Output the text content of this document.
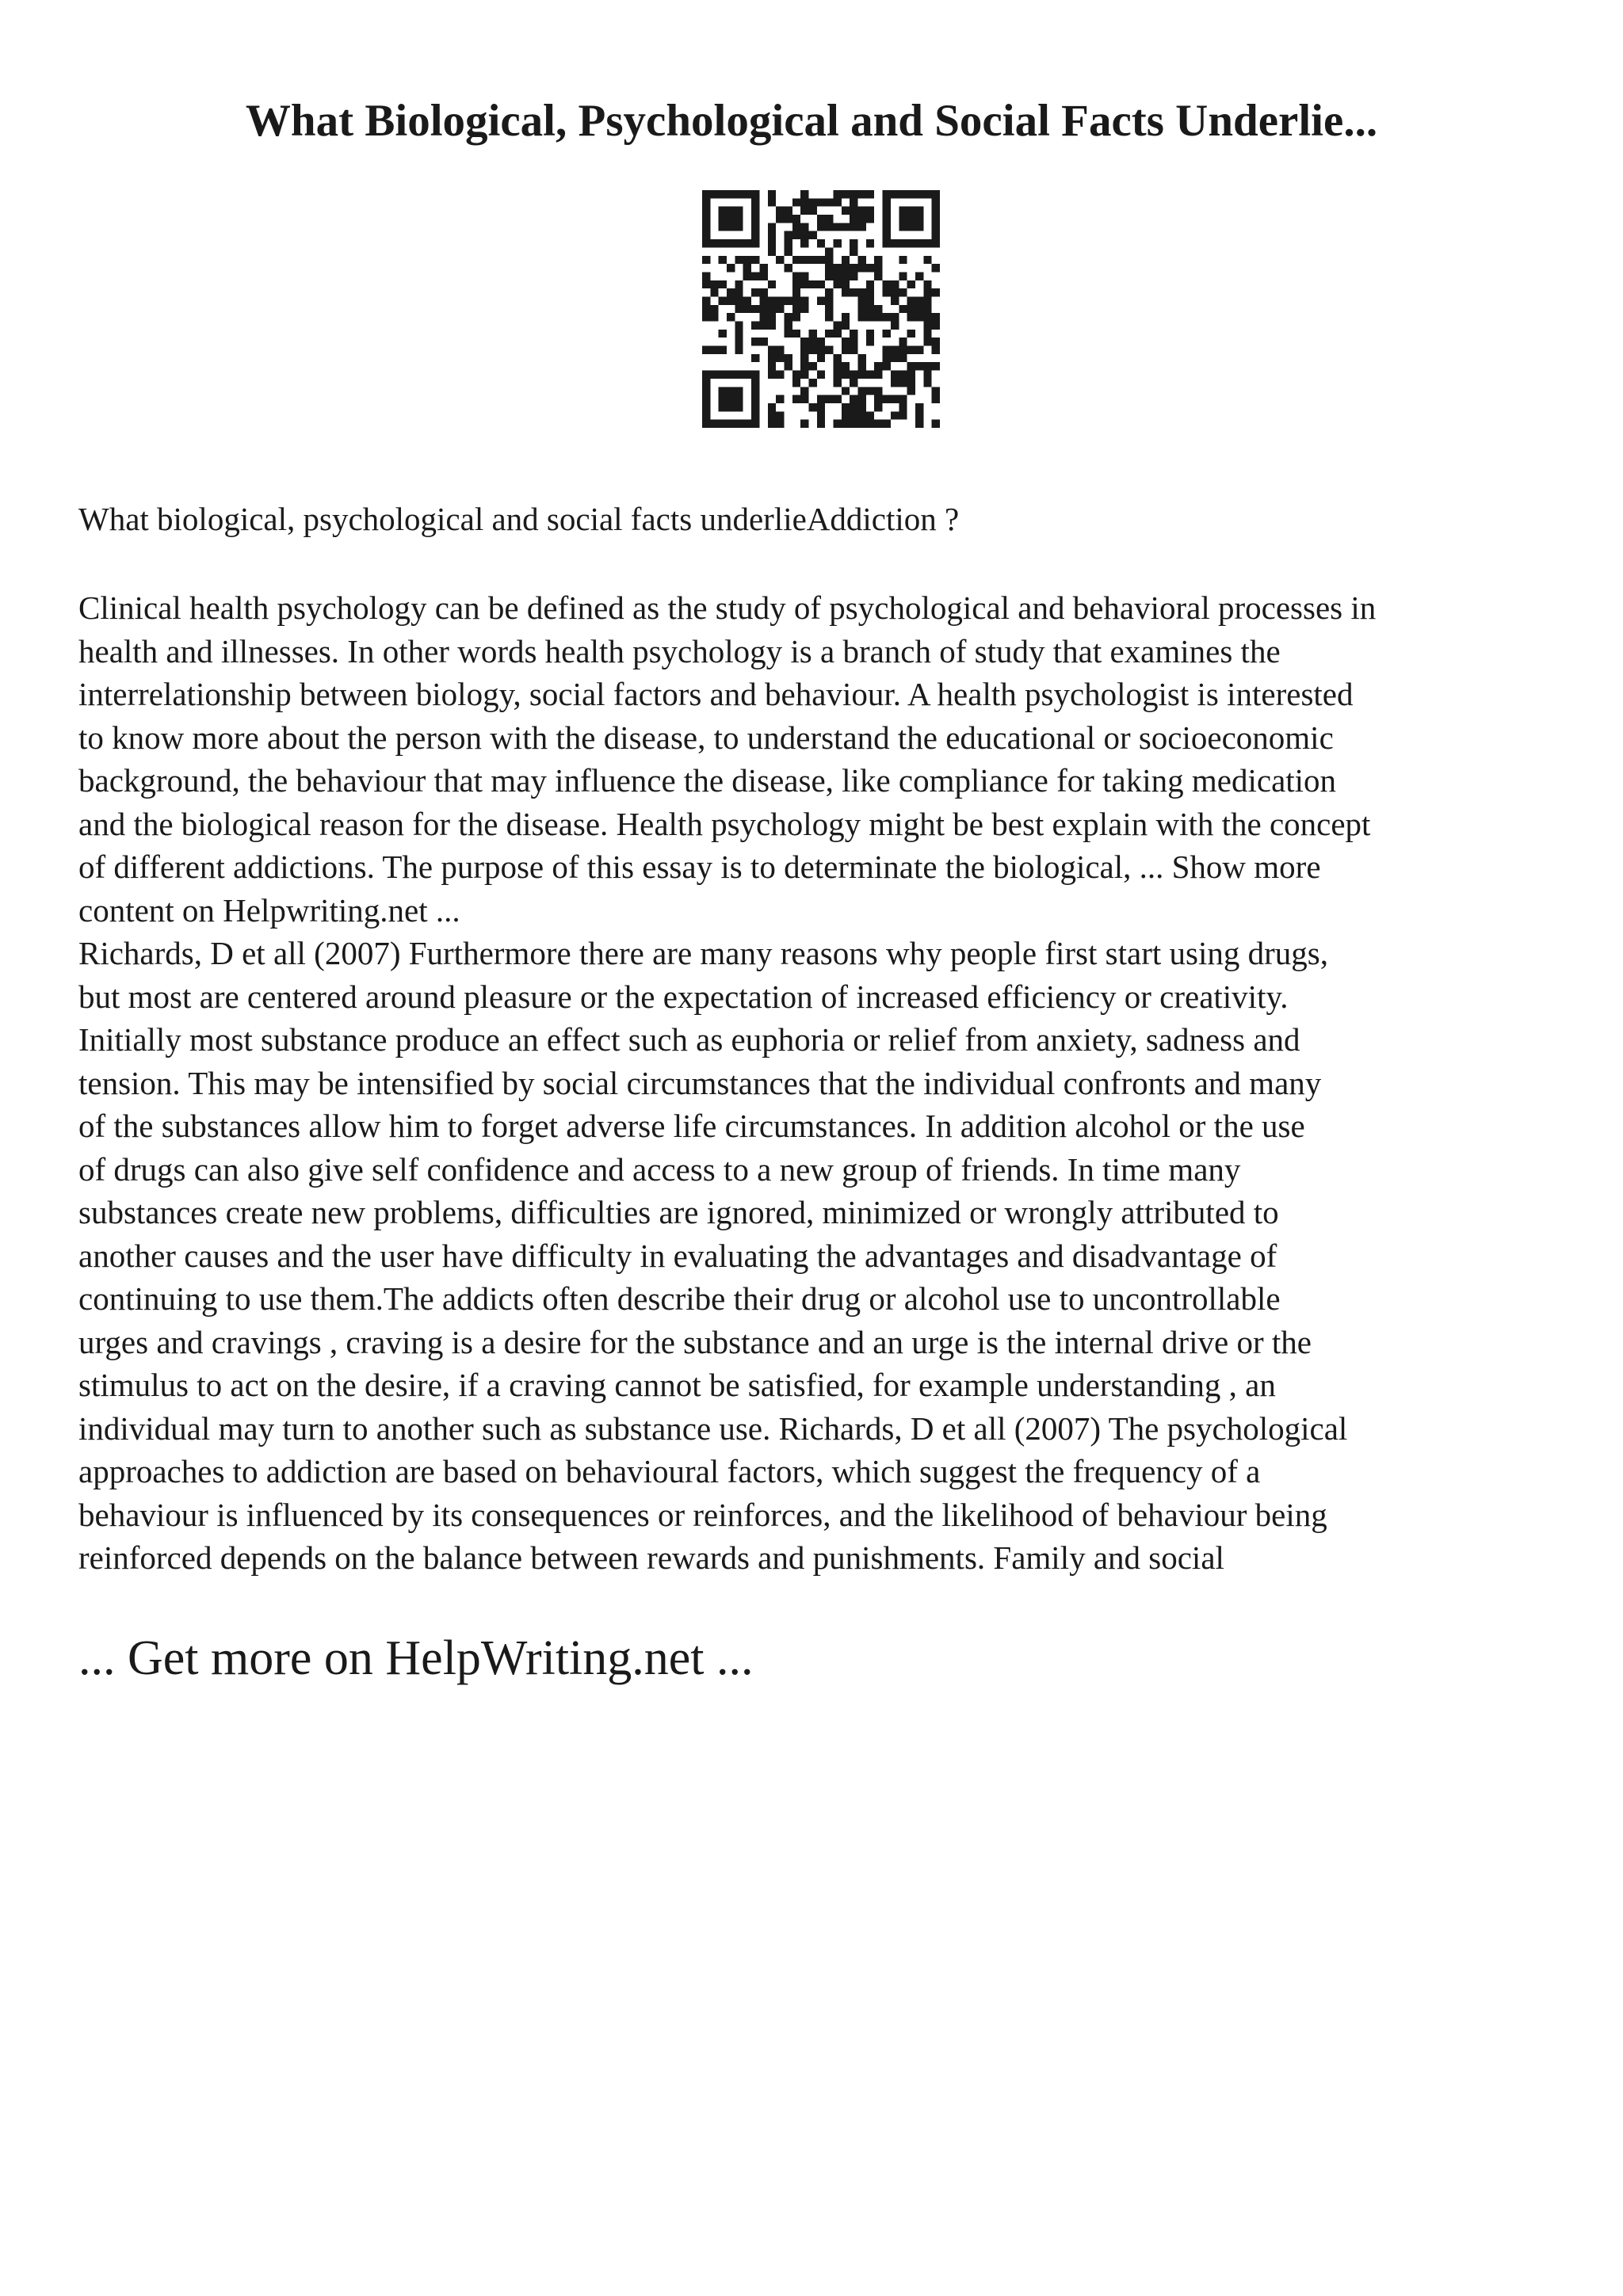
What Biological, Psychological and Social Facts Underlie...
What biological, psychological and social facts underlieAddiction ?
Clinical health psychology can be defined as the study of psychological and behavioral processes in
health and illnesses. In other words health psychology is a branch of study that examines the
interrelationship between biology, social factors and behaviour. A health psychologist is interested
to know more about the person with the disease, to understand the educational or socioeconomic
background, the behaviour that may influence the disease, like compliance for taking medication
and the biological reason for the disease. Health psychology might be best explain with the concept
of different addictions. The purpose of this essay is to determinate the biological, ... Show more
content on Helpwriting.net ...
Richards, D et all (2007) Furthermore there are many reasons why people first start using drugs,
but most are centered around pleasure or the expectation of increased efficiency or creativity.
Initially most substance produce an effect such as euphoria or relief from anxiety, sadness and
tension. This may be intensified by social circumstances that the individual confronts and many
of the substances allow him to forget adverse life circumstances. In addition alcohol or the use
of drugs can also give self confidence and access to a new group of friends. In time many
substances create new problems, difficulties are ignored, minimized or wrongly attributed to
another causes and the user have difficulty in evaluating the advantages and disadvantage of
continuing to use them.The addicts often describe their drug or alcohol use to uncontrollable
urges and cravings , craving is a desire for the substance and an urge is the internal drive or the
stimulus to act on the desire, if a craving cannot be satisfied, for example understanding , an
individual may turn to another such as substance use. Richards, D et all (2007) The psychological
approaches to addiction are based on behavioural factors, which suggest the frequency of a
behaviour is influenced by its consequences or reinforces, and the likelihood of behaviour being
reinforced depends on the balance between rewards and punishments. Family and social
... Get more on HelpWriting.net ...
